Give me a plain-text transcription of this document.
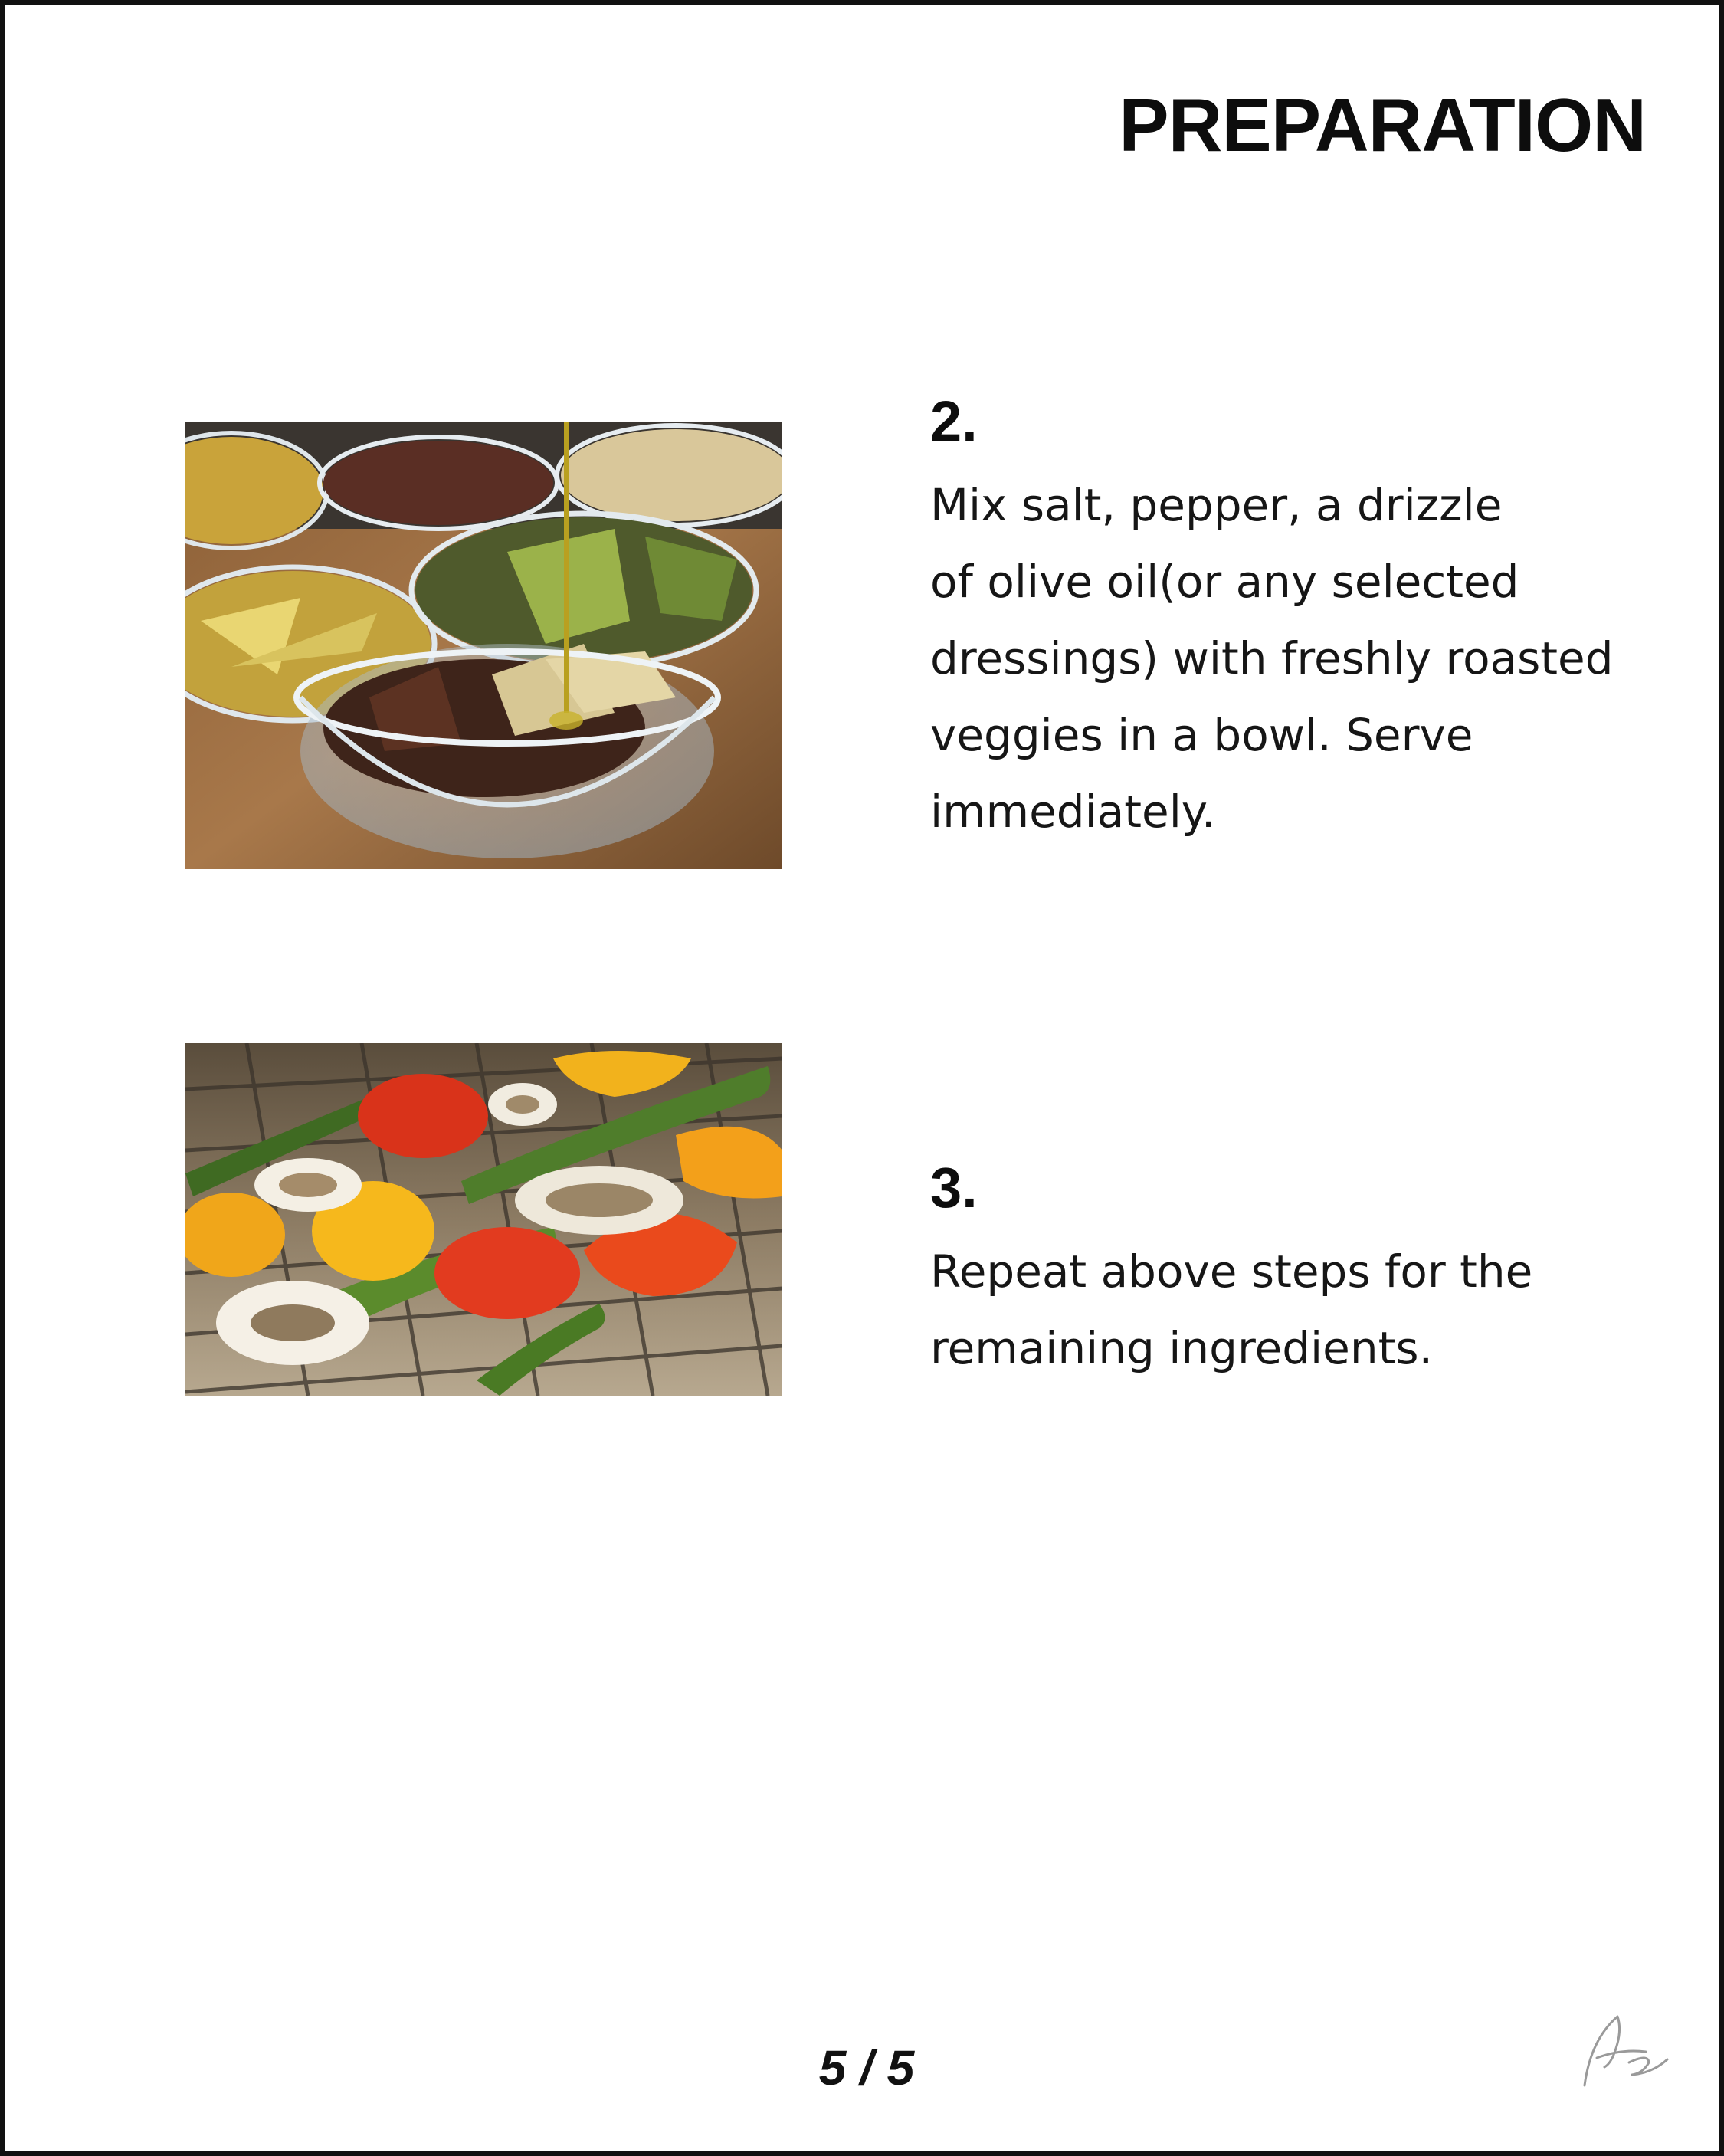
PREPARATION
2.

Mix salt, pepper, a drizzle
of olive oil(or any selected
dressings) with freshly roasted
veggies in a bowl. Serve
immediately.

3.

Repeat above steps for the
remaining ingredients.

5 / 5
